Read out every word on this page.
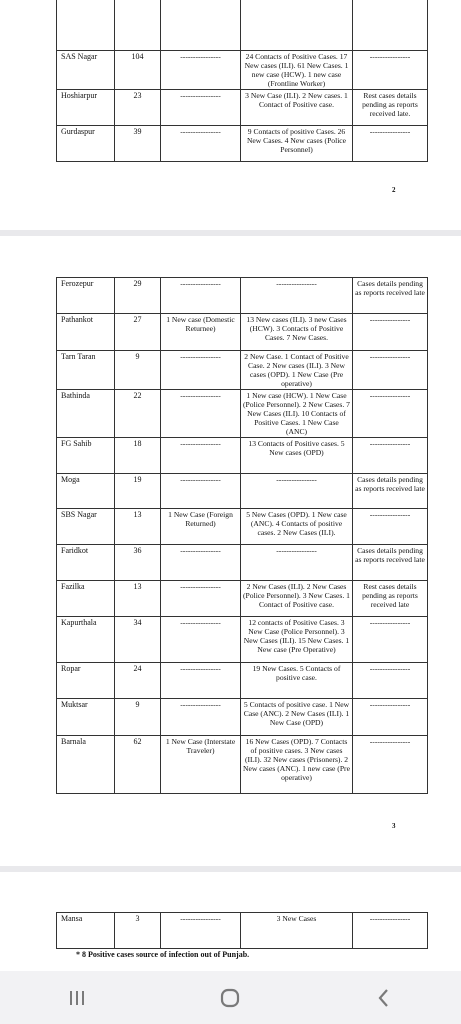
SAS Nagar	104	----------------	24 Contacts of Positive Cases. 17 New cases (ILI). 61 New Cases. 1 new case (HCW). 1 new case (Frontline Worker)	----------------
Hoshiarpur	23	----------------	3 New Case (ILI). 2 New cases. 1 Contact of Positive case.	Rest cases details pending as reports received late.
Gurdaspur	39	----------------	9 Contacts of positive Cases. 26 New Cases. 4 New cases (Police Personnel)	----------------
2
Ferozepur	29	----------------	----------------	Cases details pending as reports received late
Pathankot	27	1 New case (Domestic Returnee)	13 New cases (ILI). 3 new Cases (HCW). 3 Contacts of Positive Cases. 7 New Cases.	----------------
Tarn Taran	9	----------------	2 New Case. 1 Contact of Positive Case. 2 New cases (ILI). 3 New cases (OPD). 1 New Case (Pre operative)	----------------
Bathinda	22	----------------	1 New case (HCW). 1 New Case (Police Personnel). 2 New Cases. 7 New Cases (ILI). 10 Contacts of Positive Cases. 1 New Case (ANC)	----------------
FG Sahib	18	----------------	13 Contacts of Positive cases. 5 New cases (OPD)	----------------
Moga	19	----------------	----------------	Cases details pending as reports received late
SBS Nagar	13	1 New Case (Foreign Returned)	5 New Cases (OPD). 1 New case (ANC). 4 Contacts of positive cases. 2 New Cases (ILI).	----------------
Faridkot	36	----------------	----------------	Cases details pending as reports received late
Fazilka	13	----------------	2 New Cases (ILI). 2 New Cases (Police Personnel). 3 New Cases. 1 Contact of Positive case.	Rest cases details pending as reports received late
Kapurthala	34	----------------	12 contacts of Positive Cases. 3 New Case (Police Personnel). 3 New Cases (ILI). 15 New Cases. 1 New case (Pre Operative)	----------------
Ropar	24	----------------	19 New Cases. 5 Contacts of positive case.	----------------
Muktsar	9	----------------	5 Contacts of positive case. 1 New Case (ANC). 2 New Cases (ILI). 1 New Case (OPD)	----------------
Barnala	62	1 New Case (Interstate Traveler)	16 New Cases (OPD). 7 Contacts of positive cases. 3 New cases (ILI). 32 New cases (Prisoners). 2 New cases (ANC). 1 new case (Pre operative)	----------------
3
Mansa	3	----------------	3 New Cases	----------------
* 8 Positive cases source of infection out of Punjab.
